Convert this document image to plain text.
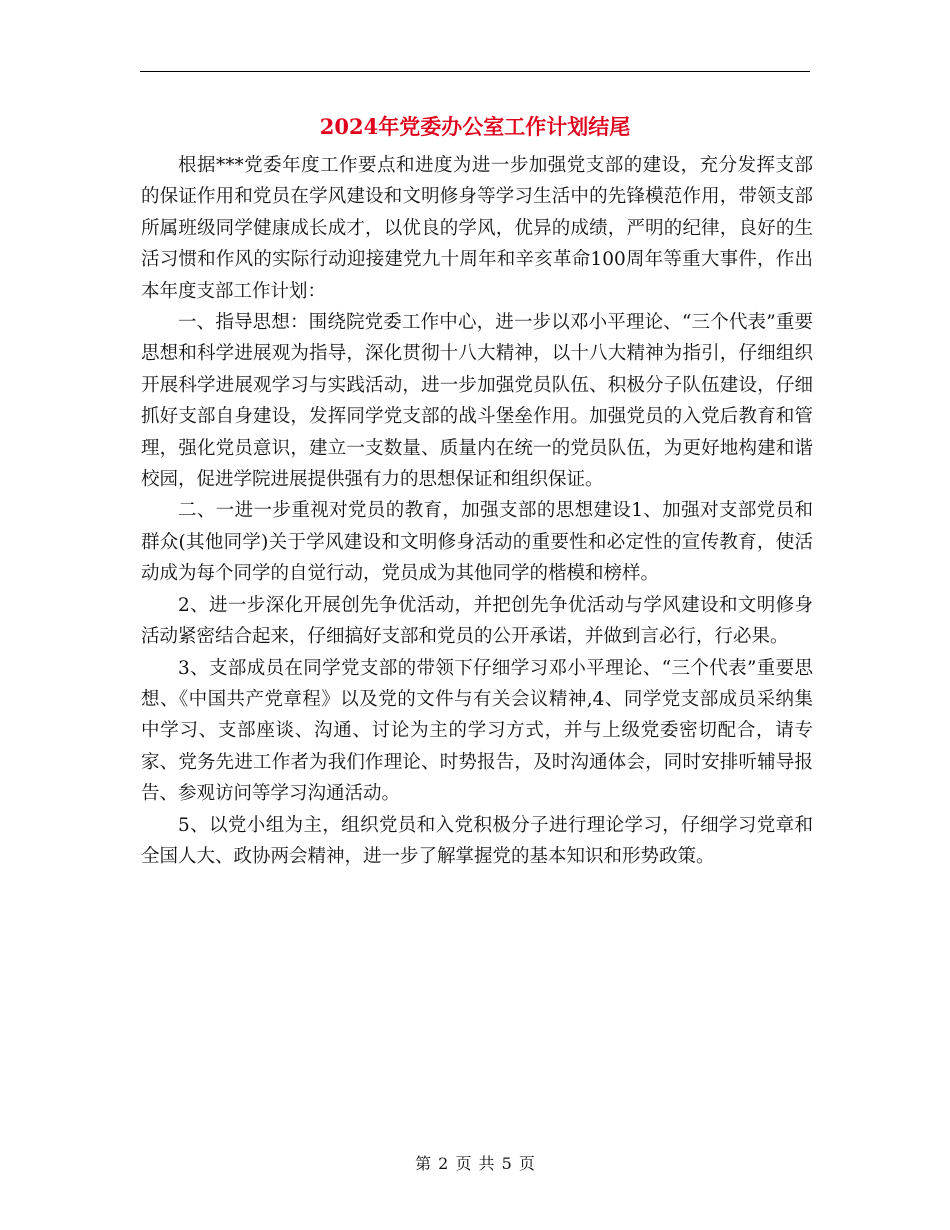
2024年党委办公室工作计划结尾

根据***党委年度工作要点和进度为进一步加强党支部的建设，充分发挥支部的保证作用和党员在学风建设和文明修身等学习生活中的先锋模范作用，带领支部所属班级同学健康成长成才，以优良的学风，优异的成绩，严明的纪律，良好的生活习惯和作风的实际行动迎接建党九十周年和辛亥革命100周年等重大事件，作出本年度支部工作计划：

一、指导思想：围绕院党委工作中心，进一步以邓小平理论、“三个代表”重要思想和科学进展观为指导，深化贯彻十八大精神，以十八大精神为指引，仔细组织开展科学进展观学习与实践活动，进一步加强党员队伍、积极分子队伍建设，仔细抓好支部自身建设，发挥同学党支部的战斗堡垒作用。加强党员的入党后教育和管理，强化党员意识，建立一支数量、质量内在统一的党员队伍，为更好地构建和谐校园，促进学院进展提供强有力的思想保证和组织保证。

二、一进一步重视对党员的教育，加强支部的思想建设1、加强对支部党员和群众(其他同学)关于学风建设和文明修身活动的重要性和必定性的宣传教育，使活动成为每个同学的自觉行动，党员成为其他同学的楷模和榜样。

2、进一步深化开展创先争优活动，并把创先争优活动与学风建设和文明修身活动紧密结合起来，仔细搞好支部和党员的公开承诺，并做到言必行，行必果。

3、支部成员在同学党支部的带领下仔细学习邓小平理论、“三个代表”重要思想、《中国共产党章程》以及党的文件与有关会议精神,4、同学党支部成员采纳集中学习、支部座谈、沟通、讨论为主的学习方式，并与上级党委密切配合，请专家、党务先进工作者为我们作理论、时势报告，及时沟通体会，同时安排听辅导报告、参观访问等学习沟通活动。

5、以党小组为主，组织党员和入党积极分子进行理论学习，仔细学习党章和全国人大、政协两会精神，进一步了解掌握党的基本知识和形势政策。

第 2 页 共 5 页
